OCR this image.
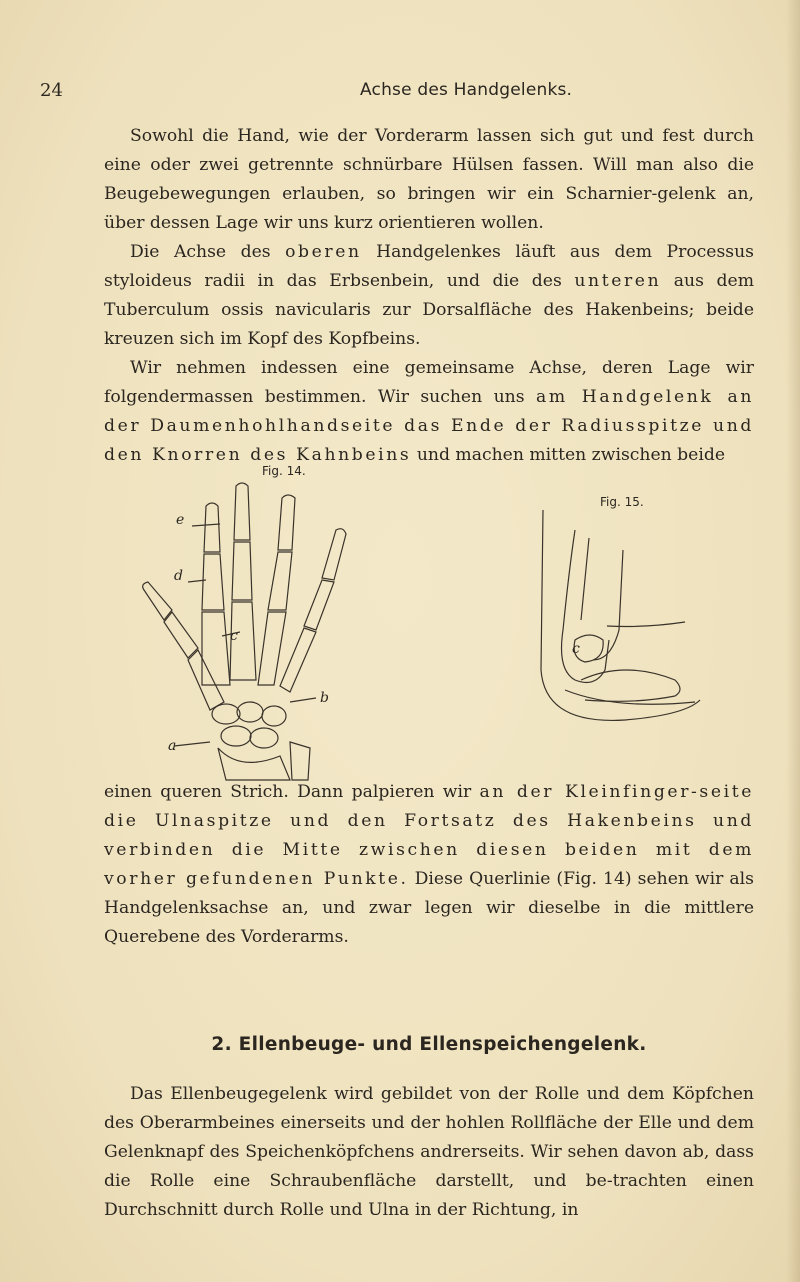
24	Achse des Handgelenks.
Sowohl die Hand, wie der Vorderarm lassen sich gut und fest durch eine oder zwei getrennte schnürbare Hülsen fassen. Will man also die Beugebewegungen erlauben, so bringen wir ein Scharnier-gelenk an, über dessen Lage wir uns kurz orientieren wollen.
Die Achse des oberen Handgelenkes läuft aus dem Processus styloideus radii in das Erbsenbein, und die des unteren aus dem Tuberculum ossis navicularis zur Dorsalfläche des Hakenbeins; beide kreuzen sich im Kopf des Kopfbeins.
Wir nehmen indessen eine gemeinsame Achse, deren Lage wir folgendermassen bestimmen. Wir suchen uns am Handgelenk an der Daumenhohlhandseite das Ende der Radiusspitze und den Knorren des Kahnbeins und machen mitten zwischen beide
Fig. 14.
e
d
c
b
a
Fig. 15.
c
einen queren Strich. Dann palpieren wir an der Kleinfinger-seite die Ulnaspitze und den Fortsatz des Hakenbeins und verbinden die Mitte zwischen diesen beiden mit dem vorher gefundenen Punkte. Diese Querlinie (Fig. 14) sehen wir als Handgelenksachse an, und zwar legen wir dieselbe in die mittlere Querebene des Vorderarms.
2. Ellenbeuge- und Ellenspeichengelenk.
Das Ellenbeugegelenk wird gebildet von der Rolle und dem Köpfchen des Oberarmbeines einerseits und der hohlen Rollfläche der Elle und dem Gelenknapf des Speichenköpfchens andrerseits. Wir sehen davon ab, dass die Rolle eine Schraubenfläche darstellt, und be-trachten einen Durchschnitt durch Rolle und Ulna in der Richtung, in
